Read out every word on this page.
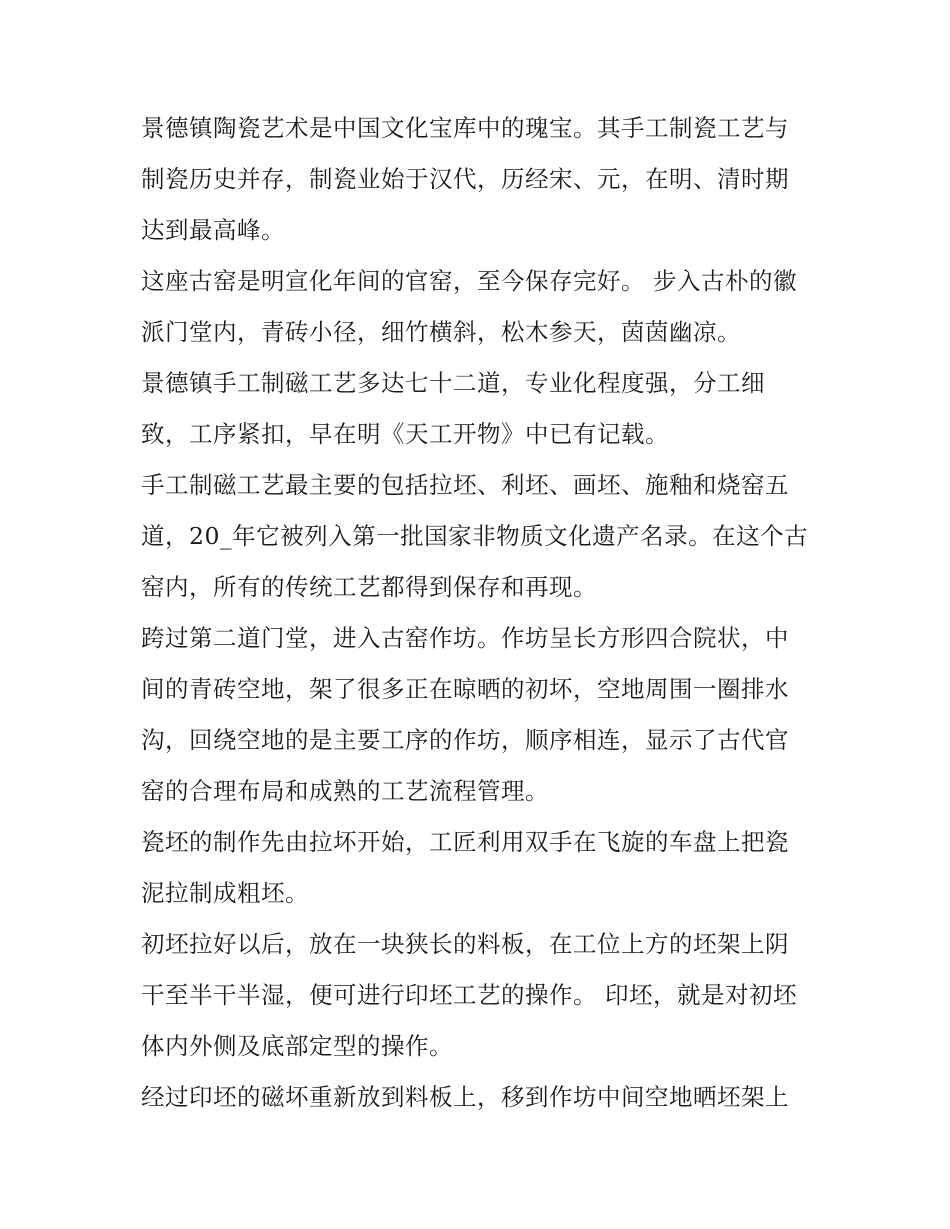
景德镇陶瓷艺术是中国文化宝库中的瑰宝。其手工制瓷工艺与制瓷历史并存，制瓷业始于汉代，历经宋、元，在明、清时期达到最高峰。

这座古窑是明宣化年间的官窑，至今保存完好。 步入古朴的徽派门堂内，青砖小径，细竹横斜，松木参天，茵茵幽凉。

景德镇手工制磁工艺多达七十二道，专业化程度强，分工细致，工序紧扣，早在明《天工开物》中已有记载。

手工制磁工艺最主要的包括拉坯、利坯、画坯、施釉和烧窑五道，20_年它被列入第一批国家非物质文化遗产名录。在这个古窑内，所有的传统工艺都得到保存和再现。

跨过第二道门堂，进入古窑作坊。作坊呈长方形四合院状，中间的青砖空地，架了很多正在晾晒的初坏，空地周围一圈排水沟，回绕空地的是主要工序的作坊，顺序相连，显示了古代官窑的合理布局和成熟的工艺流程管理。

瓷坯的制作先由拉坏开始，工匠利用双手在飞旋的车盘上把瓷泥拉制成粗坯。

初坯拉好以后，放在一块狭长的料板，在工位上方的坯架上阴干至半干半湿，便可进行印坯工艺的操作。 印坯，就是对初坯体内外侧及底部定型的操作。

经过印坯的磁坏重新放到料板上，移到作坊中间空地晒坯架上
